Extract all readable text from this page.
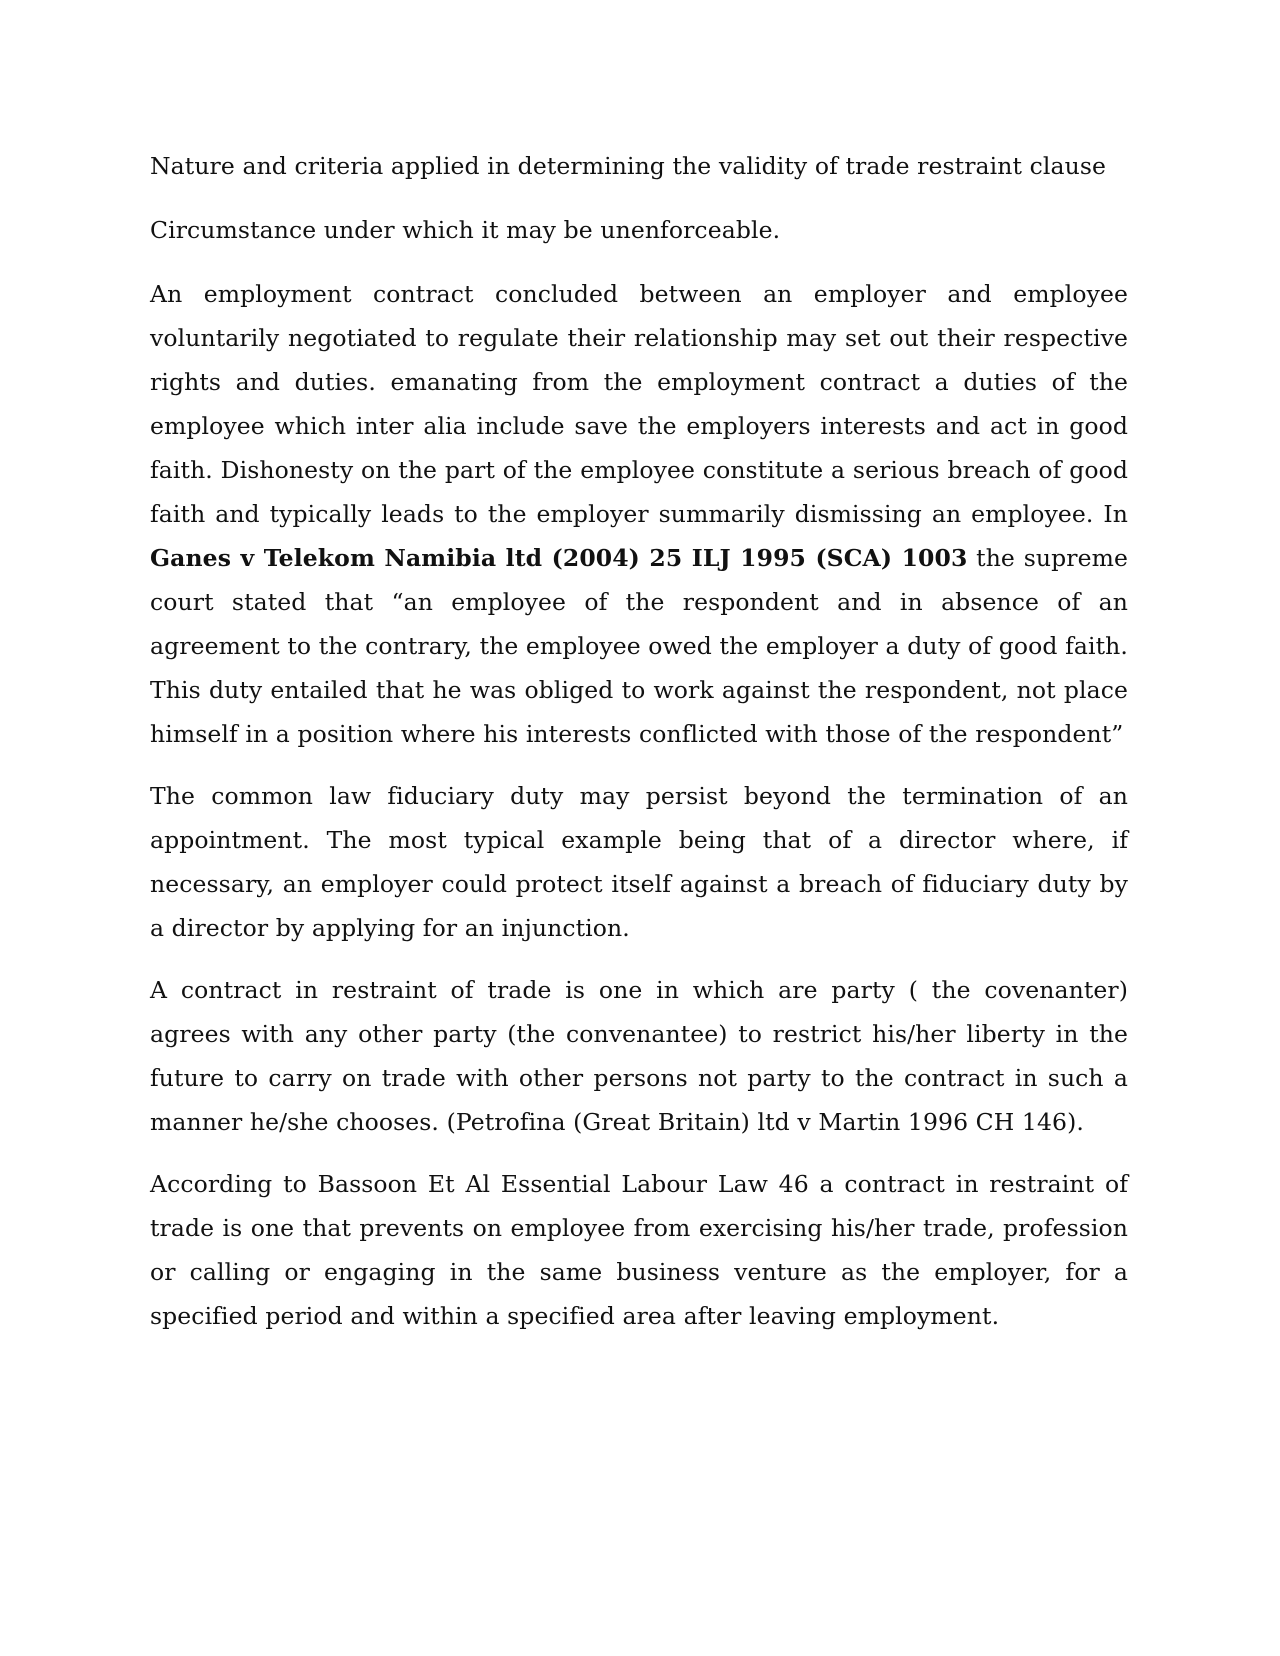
Nature and criteria applied in determining the validity of trade restraint clause

Circumstance under which it may be unenforceable.

An employment contract concluded between an employer and employee voluntarily negotiated to regulate their relationship may set out their respective rights and duties. emanating from the employment contract a duties of the employee which inter alia include save the employers interests and act in good faith. Dishonesty on the part of the employee constitute a serious breach of good faith and typically leads to the employer summarily dismissing an employee. In Ganes v Telekom Namibia ltd (2004) 25 ILJ 1995 (SCA) 1003 the supreme court stated that “an employee of the respondent and in absence of an agreement to the contrary, the employee owed the employer a duty of good faith. This duty entailed that he was obliged to work against the respondent, not place himself in a position where his interests conflicted with those of the respondent”

The common law fiduciary duty may persist beyond the termination of an appointment. The most typical example being that of a director where, if necessary, an employer could protect itself against a breach of fiduciary duty by a director by applying for an injunction.

A contract in restraint of trade is one in which are party ( the covenanter) agrees with any other party (the convenantee) to restrict his/her liberty in the future to carry on trade with other persons not party to the contract in such a manner he/she chooses. (Petrofina (Great Britain) ltd v Martin 1996 CH 146).

According to Bassoon Et Al Essential Labour Law 46 a contract in restraint of trade is one that prevents on employee from exercising his/her trade, profession or calling or engaging in the same business venture as the employer, for a specified period and within a specified area after leaving employment.
